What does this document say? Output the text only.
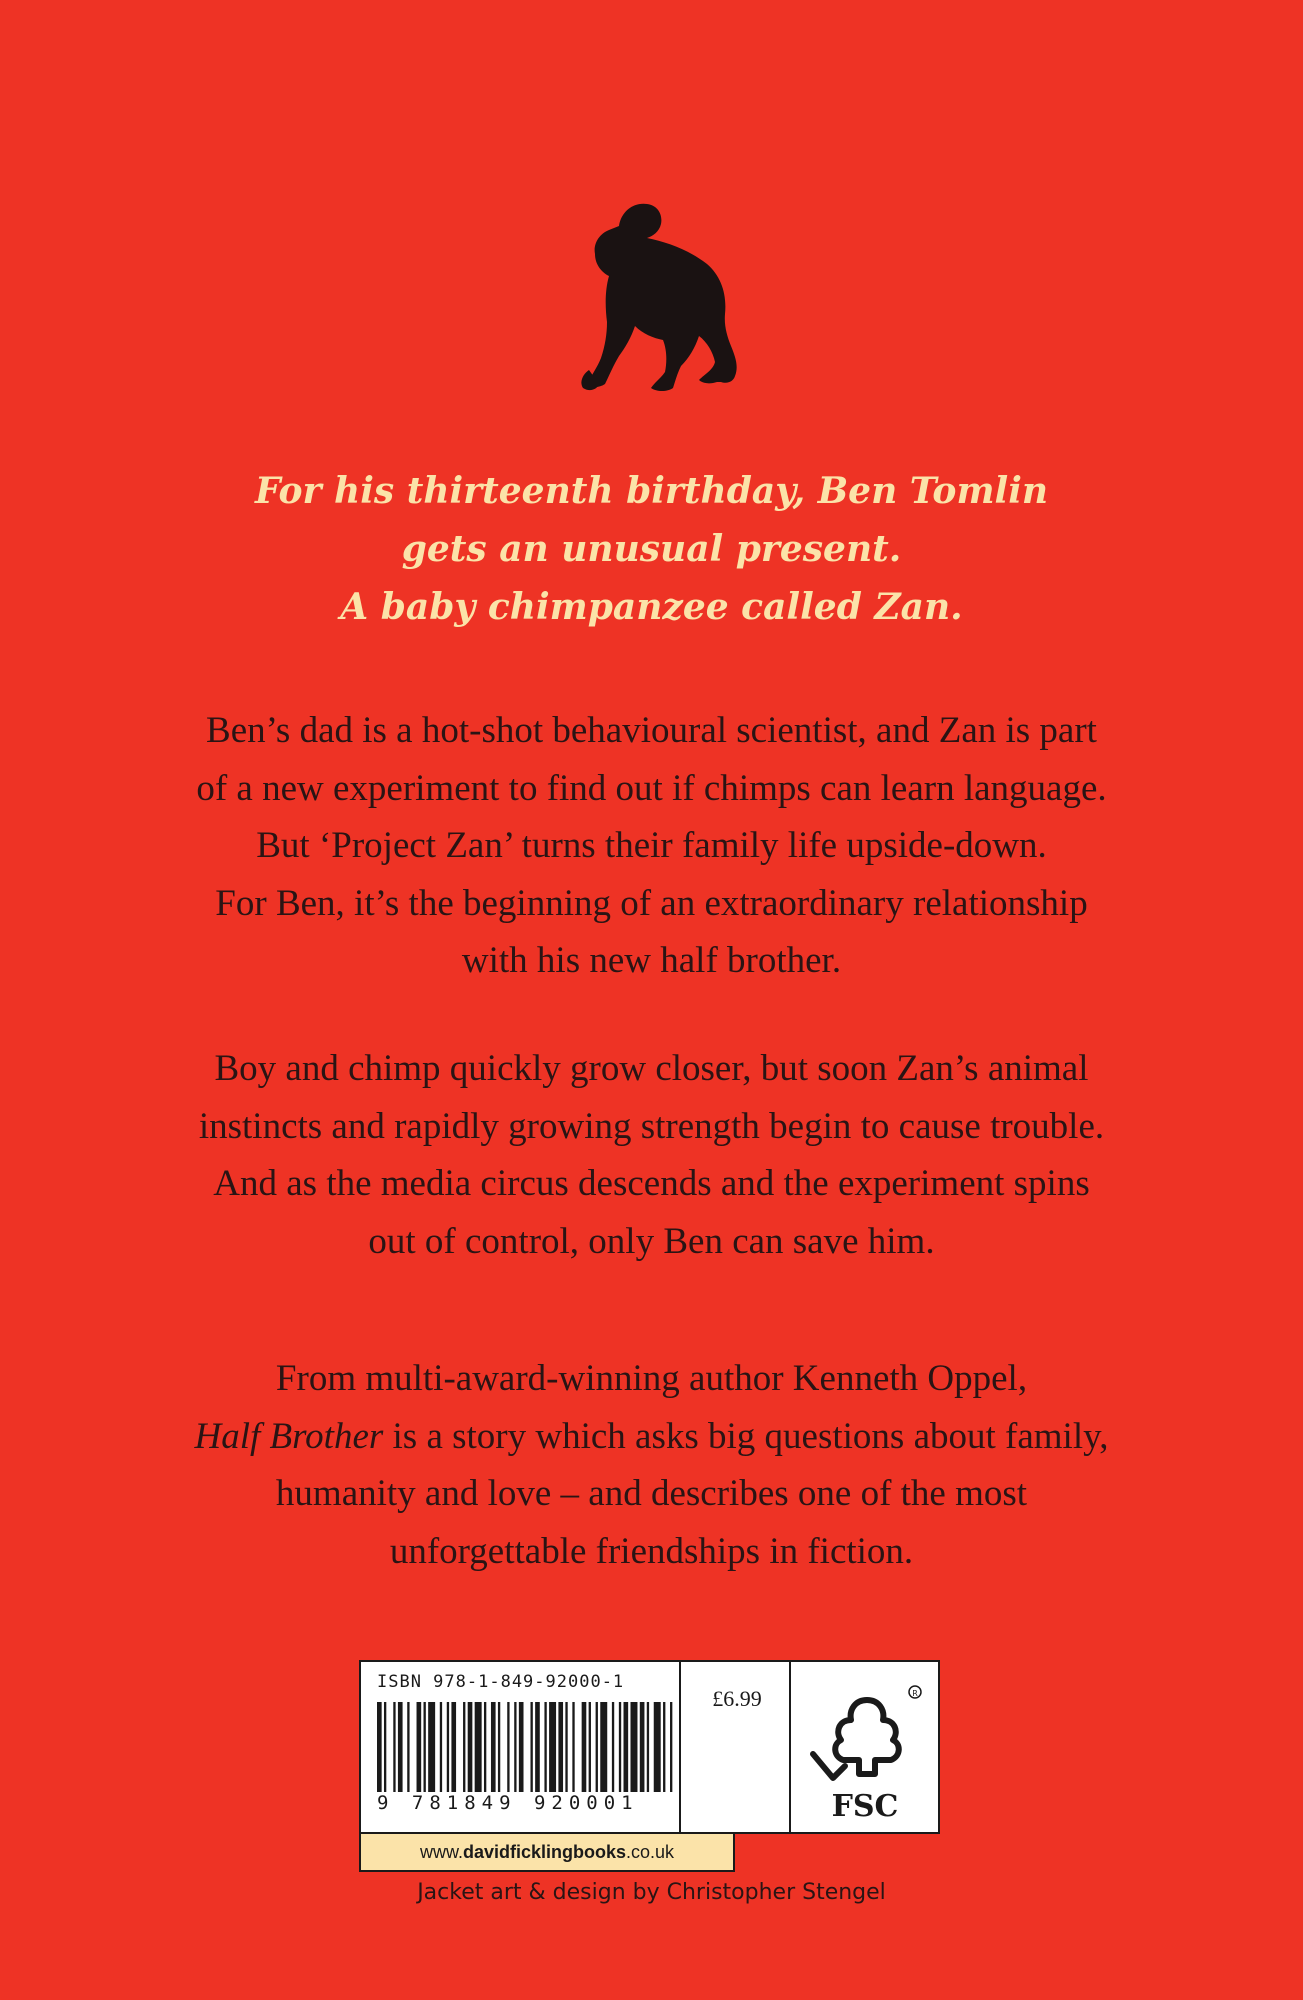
For his thirteenth birthday, Ben Tomlin
gets an unusual present.
A baby chimpanzee called Zan.
Ben’s dad is a hot-shot behavioural scientist, and Zan is part
of a new experiment to find out if chimps can learn language.
But ‘Project Zan’ turns their family life upside-down.
For Ben, it’s the beginning of an extraordinary relationship
with his new half brother.
Boy and chimp quickly grow closer, but soon Zan’s animal
instincts and rapidly growing strength begin to cause trouble.
And as the media circus descends and the experiment spins
out of control, only Ben can save him.
From multi-award-winning author Kenneth Oppel,
Half Brother is a story which asks big questions about family,
humanity and love – and describes one of the most
unforgettable friendships in fiction.
ISBN 978-1-849-92000-1
9 781849 920001
£6.99	R
FSC
www.davidficklingbooks.co.uk
Jacket art & design by Christopher Stengel
